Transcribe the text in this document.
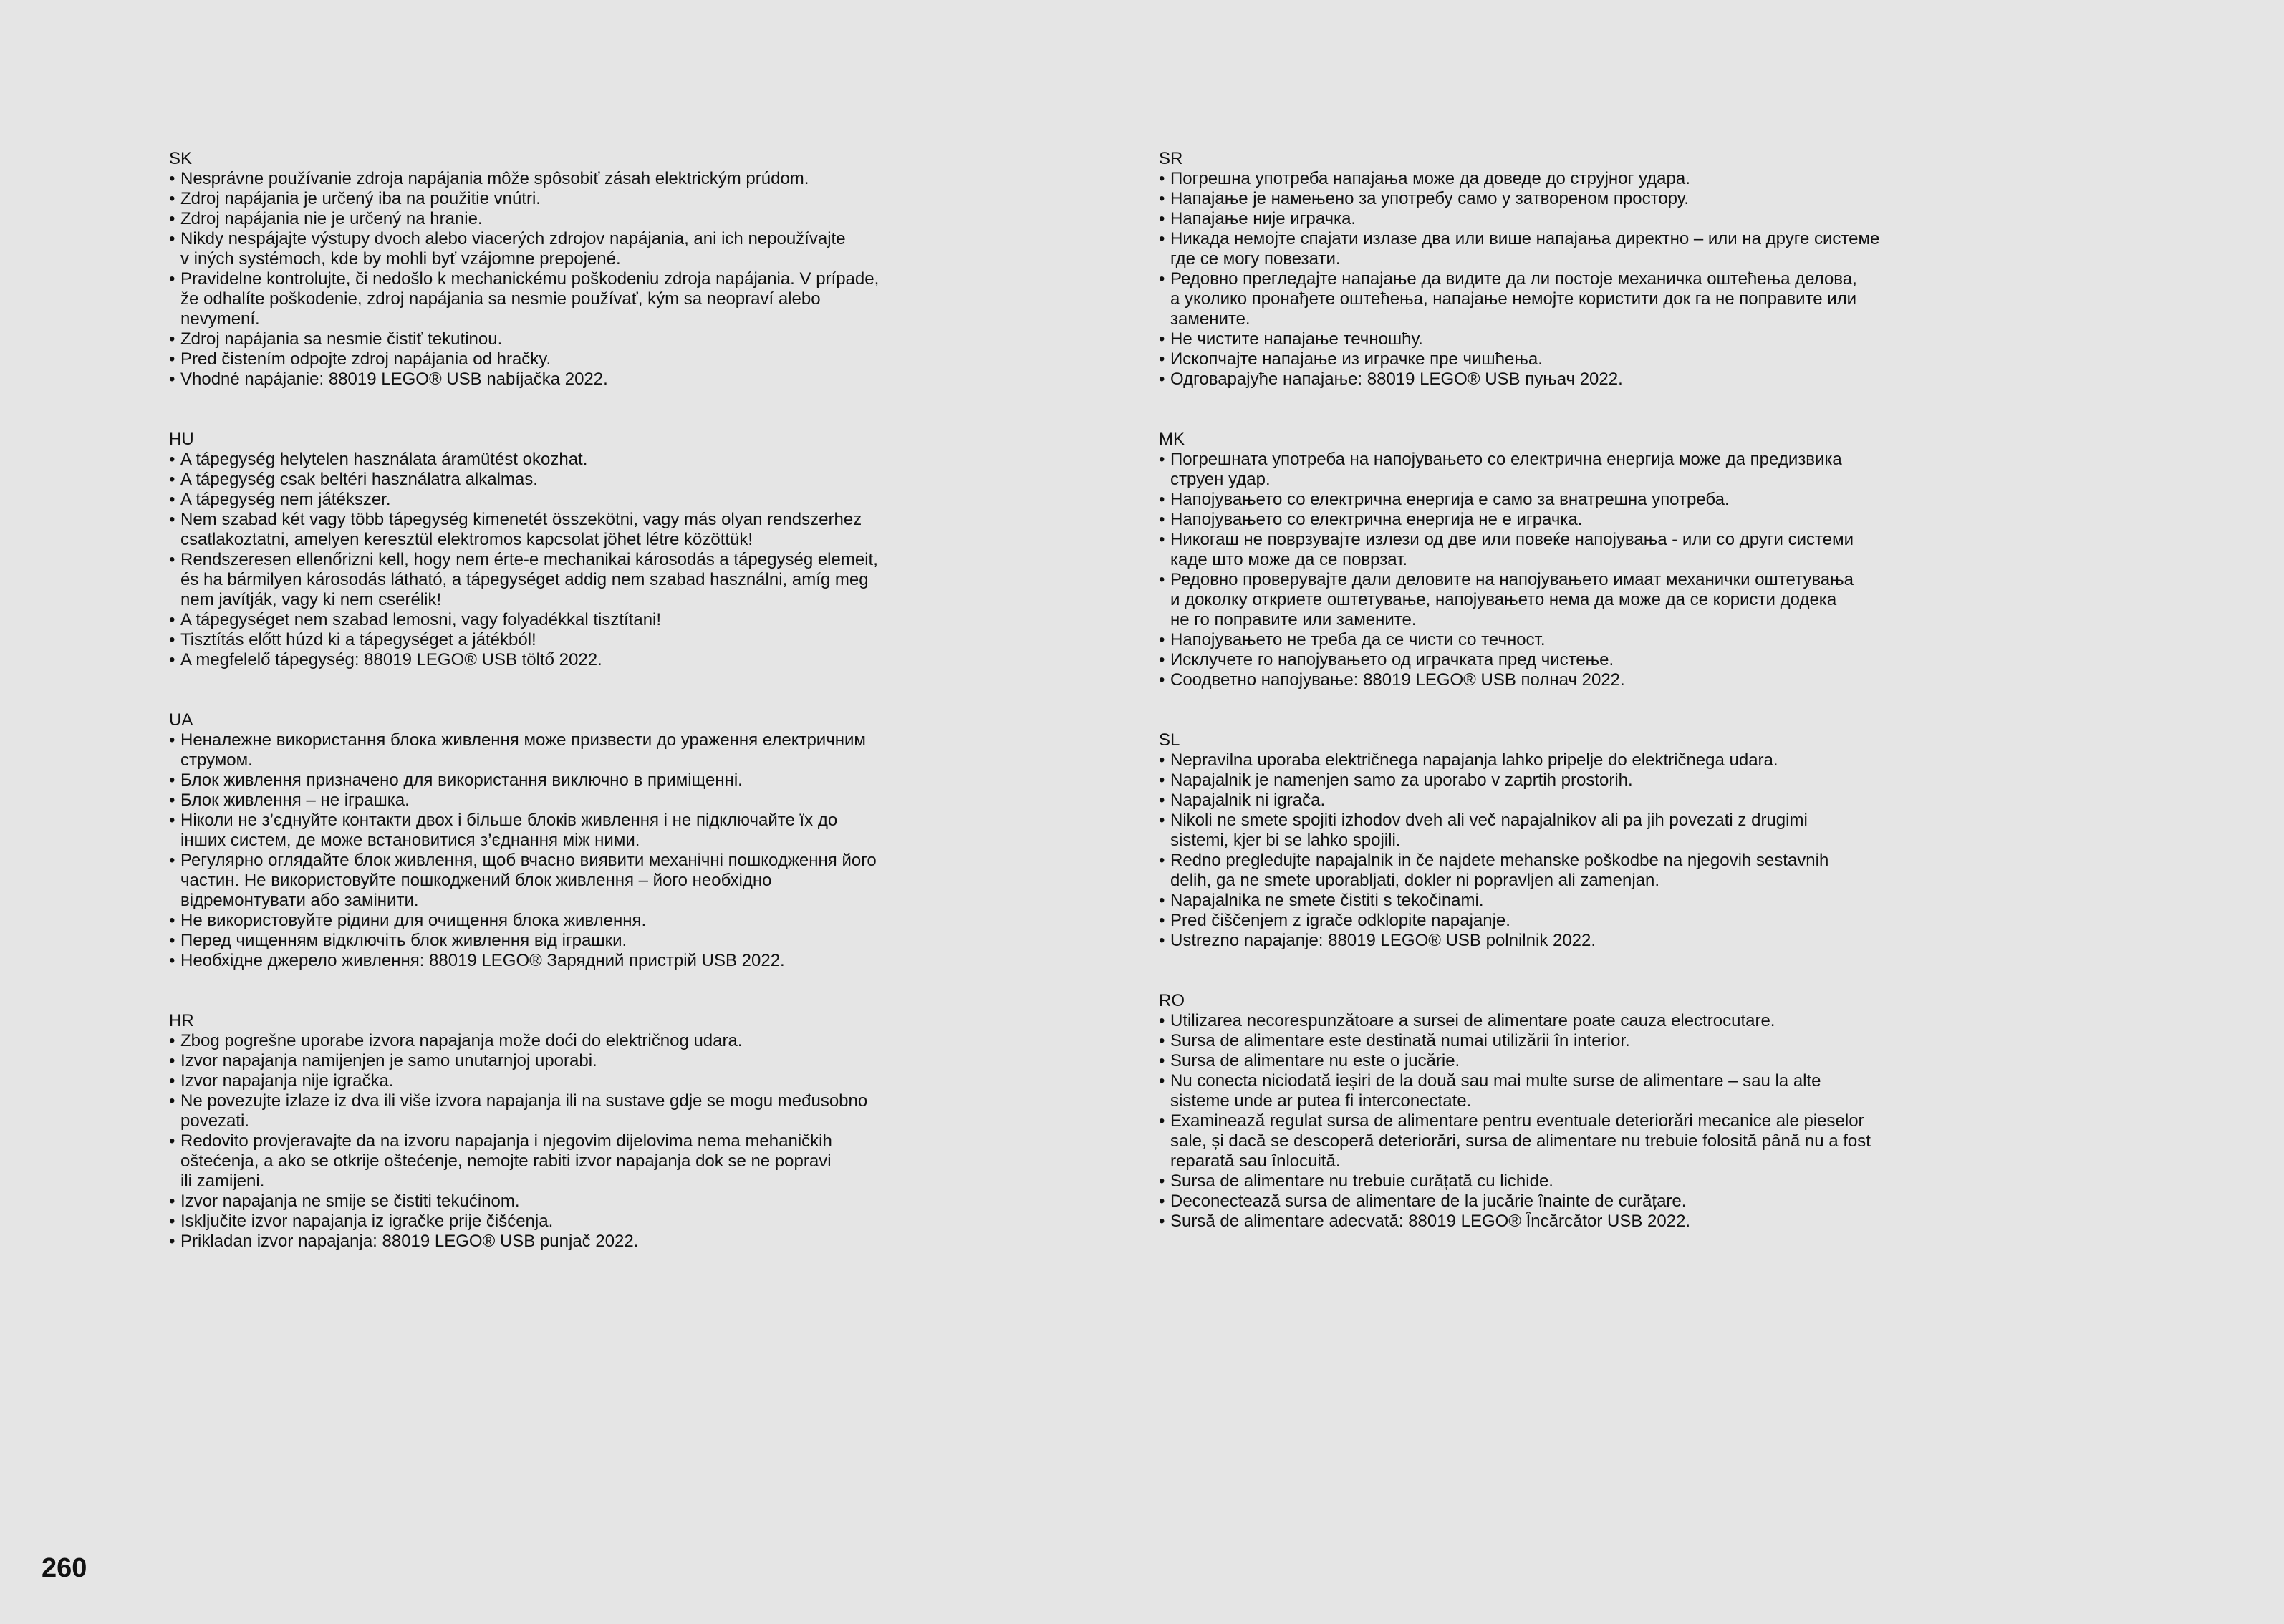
SK
• Nesprávne používanie zdroja napájania môže spôsobiť zásah elektrickým prúdom.
• Zdroj napájania je určený iba na použitie vnútri.
• Zdroj napájania nie je určený na hranie.
• Nikdy nespájajte výstupy dvoch alebo viacerých zdrojov napájania, ani ich nepoužívajte
v iných systémoch, kde by mohli byť vzájomne prepojené.
• Pravidelne kontrolujte, či nedošlo k mechanickému poškodeniu zdroja napájania. V prípade,
že odhalíte poškodenie, zdroj napájania sa nesmie používať, kým sa neopraví alebo
nevymení.
• Zdroj napájania sa nesmie čistiť tekutinou.
• Pred čistením odpojte zdroj napájania od hračky.
• Vhodné napájanie: 88019 LEGO® USB nabíjačka 2022.
HU
• A tápegység helytelen használata áramütést okozhat.
• A tápegység csak beltéri használatra alkalmas.
• A tápegység nem játékszer.
• Nem szabad két vagy több tápegység kimenetét összekötni, vagy más olyan rendszerhez
csatlakoztatni, amelyen keresztül elektromos kapcsolat jöhet létre közöttük!
• Rendszeresen ellenőrizni kell, hogy nem érte-e mechanikai károsodás a tápegység elemeit,
és ha bármilyen károsodás látható, a tápegységet addig nem szabad használni, amíg meg
nem javítják, vagy ki nem cserélik!
• A tápegységet nem szabad lemosni, vagy folyadékkal tisztítani!
• Tisztítás előtt húzd ki a tápegységet a játékból!
• A megfelelő tápegység: 88019 LEGO® USB töltő 2022.
UA
• Неналежне використання блока живлення може призвести до ураження електричним
струмом.
• Блок живлення призначено для використання виключно в приміщенні.
• Блок живлення – не іграшка.
• Ніколи не з’єднуйте контакти двох і більше блоків живлення і не підключайте їх до
інших систем, де може встановитися з’єднання між ними.
• Регулярно оглядайте блок живлення, щоб вчасно виявити механічні пошкодження його
частин. Не використовуйте пошкоджений блок живлення – його необхідно
відремонтувати або замінити.
• Не використовуйте рідини для очищення блока живлення.
• Перед чищенням відключіть блок живлення від іграшки.
• Необхідне джерело живлення: 88019 LEGO® Зарядний пристрій USB 2022.
HR
• Zbog pogrešne uporabe izvora napajanja može doći do električnog udara.
• Izvor napajanja namijenjen je samo unutarnjoj uporabi.
• Izvor napajanja nije igračka.
• Ne povezujte izlaze iz dva ili više izvora napajanja ili na sustave gdje se mogu međusobno
povezati.
• Redovito provjeravajte da na izvoru napajanja i njegovim dijelovima nema mehaničkih
oštećenja, a ako se otkrije oštećenje, nemojte rabiti izvor napajanja dok se ne popravi
ili zamijeni.
• Izvor napajanja ne smije se čistiti tekućinom.
• Isključite izvor napajanja iz igračke prije čišćenja.
• Prikladan izvor napajanja: 88019 LEGO® USB punjač 2022.
SR
• Погрешна употреба напајања може да доведе до струјног удара.
• Напајање је намењено за употребу само у затвореном простору.
• Напајање није играчка.
• Никада немојте спајати излазе два или више напајања директно – или на друге системе
где се могу повезати.
• Редовно прегледајте напајање да видите да ли постоје механичка оштећења делова,
а уколико пронађете оштећења, напајање немојте користити док га не поправите или
замените.
• Не чистите напајање течношћу.
• Ископчајте напајање из играчке пре чишћења.
• Одговарајуће напајање: 88019 LEGO® USB пуњач 2022.
MK
• Погрешната употреба на напојувањето со електрична енергија може да предизвика
струен удар.
• Напојувањето со електрична енергија е само за внатрешна употреба.
• Напојувањето со електрична енергија не е играчка.
• Никогаш не поврзувајте излези од две или повеќе напојувања - или со други системи
каде што може да се поврзат.
• Редовно проверувајте дали деловите на напојувањето имаат механички оштетувања
и доколку откриете оштетување, напојувањето нема да може да се користи додека
не го поправите или замените.
• Напојувањето не треба да се чисти со течност.
• Исклучете го напојувањето од играчката пред чистење.
• Соодветно напојување: 88019 LEGO® USB полнач 2022.
SL
• Nepravilna uporaba električnega napajanja lahko pripelje do električnega udara.
• Napajalnik je namenjen samo za uporabo v zaprtih prostorih.
• Napajalnik ni igrača.
• Nikoli ne smete spojiti izhodov dveh ali več napajalnikov ali pa jih povezati z drugimi
sistemi, kjer bi se lahko spojili.
• Redno pregledujte napajalnik in če najdete mehanske poškodbe na njegovih sestavnih
delih, ga ne smete uporabljati, dokler ni popravljen ali zamenjan.
• Napajalnika ne smete čistiti s tekočinami.
• Pred čiščenjem z igrače odklopite napajanje.
• Ustrezno napajanje: 88019 LEGO® USB polnilnik 2022.
RO
• Utilizarea necorespunzătoare a sursei de alimentare poate cauza electrocutare.
• Sursa de alimentare este destinată numai utilizării în interior.
• Sursa de alimentare nu este o jucărie.
• Nu conecta niciodată ieșiri de la două sau mai multe surse de alimentare – sau la alte
sisteme unde ar putea fi interconectate.
• Examinează regulat sursa de alimentare pentru eventuale deteriorări mecanice ale pieselor
sale, și dacă se descoperă deteriorări, sursa de alimentare nu trebuie folosită până nu a fost
reparată sau înlocuită.
• Sursa de alimentare nu trebuie curățată cu lichide.
• Deconectează sursa de alimentare de la jucărie înainte de curățare.
• Sursă de alimentare adecvată: 88019 LEGO® Încărcător USB 2022.
260
